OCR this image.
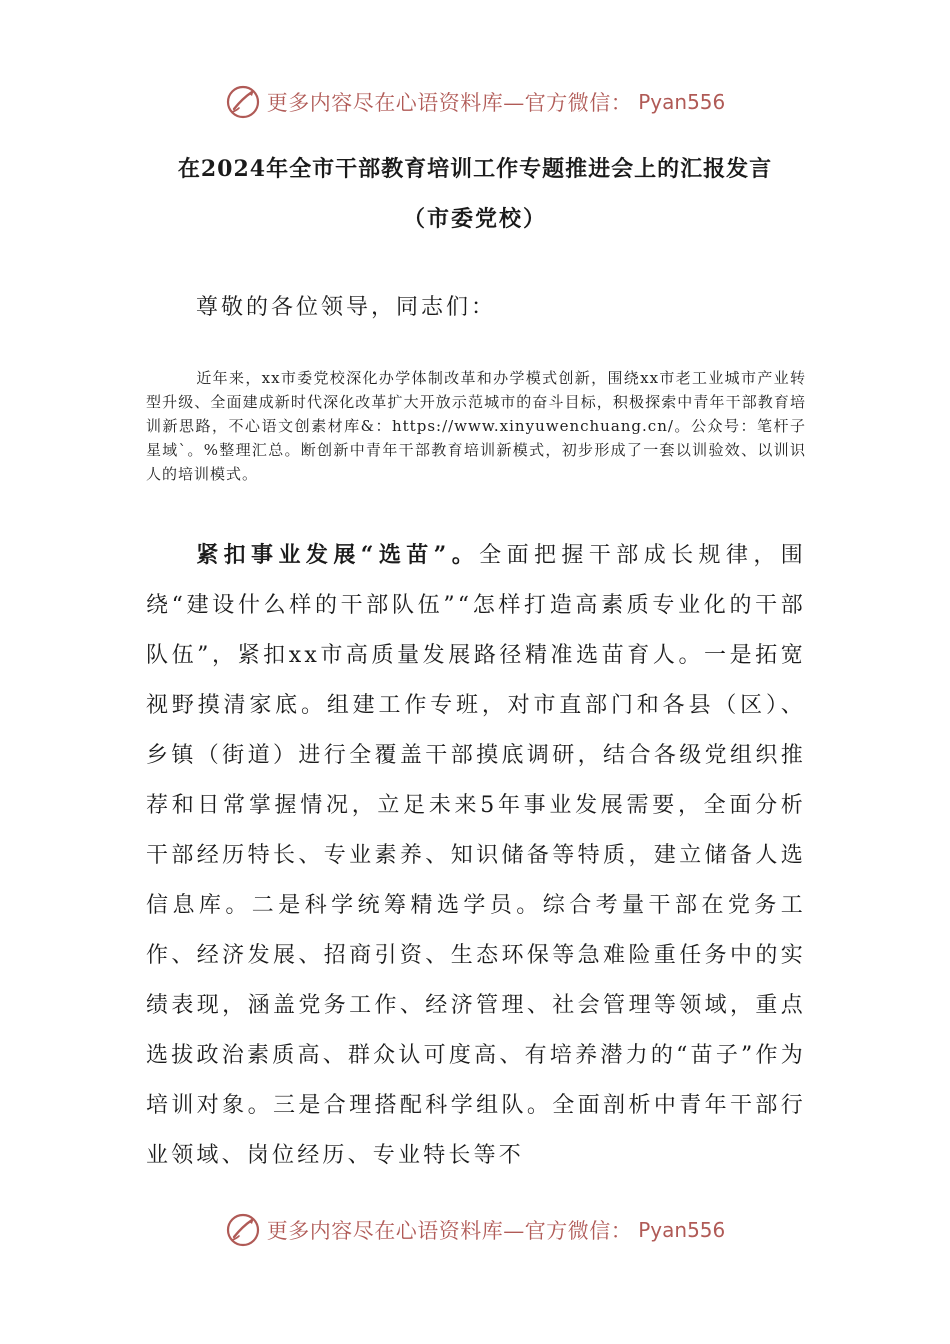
更多内容尽在心语资料库—官方微信： Pyan556
在2024年全市干部教育培训工作专题推进会上的汇报发言
（市委党校）
尊敬的各位领导，同志们：
近年来，xx市委党校深化办学体制改革和办学模式创新，围绕xx市老工业城市产业转型升级、全面建成新时代深化改革扩大开放示范城市的奋斗目标，积极探索中青年干部教育培训新思路，不心语文创素材库&：https://www.xinyuwenchuang.cn/。公众号：笔杆子星域`。%整理汇总。断创新中青年干部教育培训新模式，初步形成了一套以训验效、以训识人的培训模式。
紧扣事业发展“选苗”。全面把握干部成长规律，围绕“建设什么样的干部队伍”“怎样打造高素质专业化的干部队伍”，紧扣xx市高质量发展路径精准选苗育人。一是拓宽视野摸清家底。组建工作专班，对市直部门和各县（区）、乡镇（街道）进行全覆盖干部摸底调研，结合各级党组织推荐和日常掌握情况，立足未来5年事业发展需要，全面分析干部经历特长、专业素养、知识储备等特质，建立储备人选信息库。二是科学统筹精选学员。综合考量干部在党务工作、经济发展、招商引资、生态环保等急难险重任务中的实绩表现，涵盖党务工作、经济管理、社会管理等领域，重点选拔政治素质高、群众认可度高、有培养潜力的“苗子”作为培训对象。三是合理搭配科学组队。全面剖析中青年干部行业领域、岗位经历、专业特长等不
更多内容尽在心语资料库—官方微信： Pyan556
